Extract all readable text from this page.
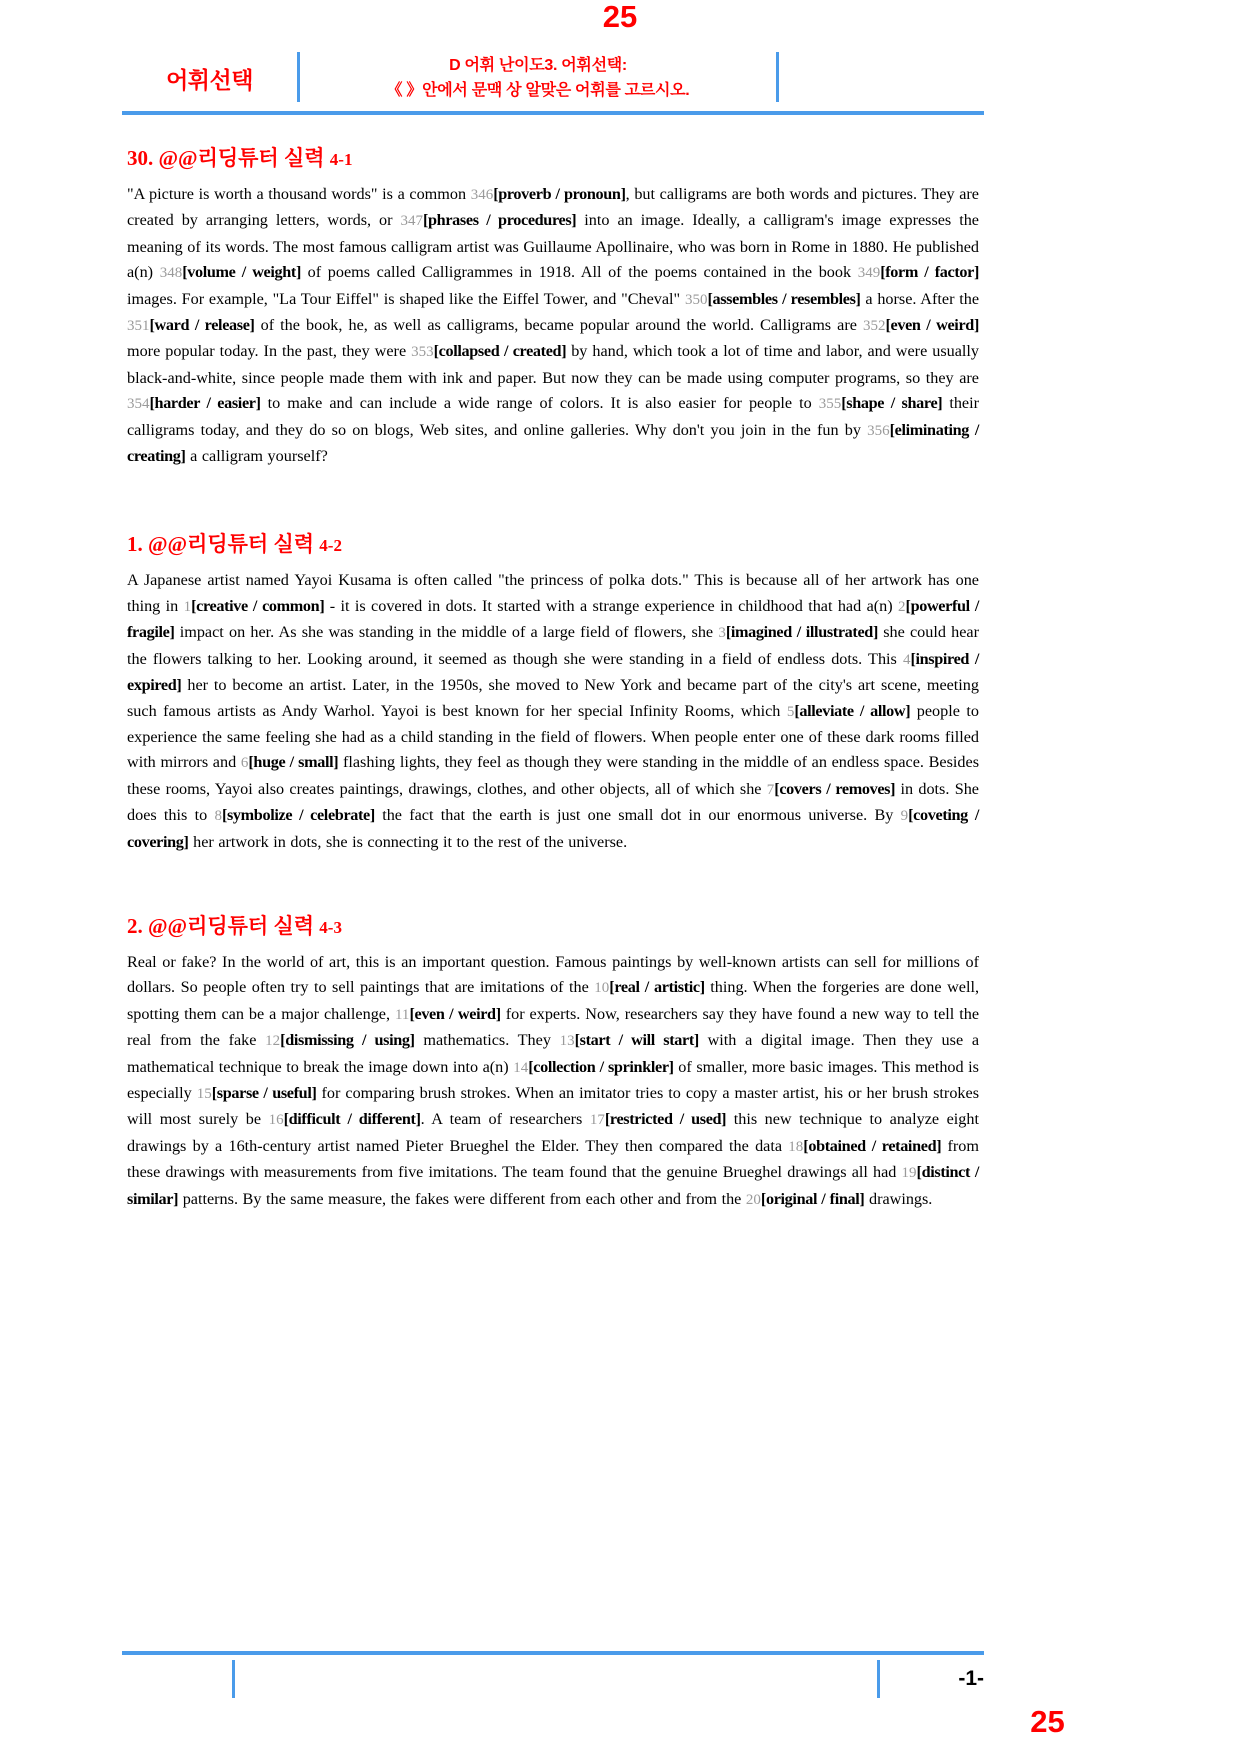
25
어휘선택
D 어휘 난이도3. 어휘선택:
《 》안에서 문맥 상 알맞은 어휘를 고르시오.
30. @@리딩튜터 실력 4-1

"A picture is worth a thousand words" is a common 346[proverb / pronoun], but calligrams are both words and pictures. They are created by arranging letters, words, or 347[phrases / procedures] into an image. Ideally, a calligram's image expresses the meaning of its words. The most famous calligram artist was Guillaume Apollinaire, who was born in Rome in 1880. He published a(n) 348[volume / weight] of poems called Calligrammes in 1918. All of the poems contained in the book 349[form / factor] images. For example, "La Tour Eiffel" is shaped like the Eiffel Tower, and "Cheval" 350[assembles / resembles] a horse. After the 351[ward / release] of the book, he, as well as calligrams, became popular around the world. Calligrams are 352[even / weird] more popular today. In the past, they were 353[collapsed / created] by hand, which took a lot of time and labor, and were usually black-and-white, since people made them with ink and paper. But now they can be made using computer programs, so they are 354[harder / easier] to make and can include a wide range of colors. It is also easier for people to 355[shape / share] their calligrams today, and they do so on blogs, Web sites, and online galleries. Why don't you join in the fun by 356[eliminating / creating] a calligram yourself?

1. @@리딩튜터 실력 4-2

A Japanese artist named Yayoi Kusama is often called "the princess of polka dots." This is because all of her artwork has one thing in 1[creative / common] - it is covered in dots. It started with a strange experience in childhood that had a(n) 2[powerful / fragile] impact on her. As she was standing in the middle of a large field of flowers, she 3[imagined / illustrated] she could hear the flowers talking to her. Looking around, it seemed as though she were standing in a field of endless dots. This 4[inspired / expired] her to become an artist. Later, in the 1950s, she moved to New York and became part of the city's art scene, meeting such famous artists as Andy Warhol. Yayoi is best known for her special Infinity Rooms, which 5[alleviate / allow] people to experience the same feeling she had as a child standing in the field of flowers. When people enter one of these dark rooms filled with mirrors and 6[huge / small] flashing lights, they feel as though they were standing in the middle of an endless space. Besides these rooms, Yayoi also creates paintings, drawings, clothes, and other objects, all of which she 7[covers / removes] in dots. She does this to 8[symbolize / celebrate] the fact that the earth is just one small dot in our enormous universe. By 9[coveting / covering] her artwork in dots, she is connecting it to the rest of the universe.

2. @@리딩튜터 실력 4-3

Real or fake? In the world of art, this is an important question. Famous paintings by well-known artists can sell for millions of dollars. So people often try to sell paintings that are imitations of the 10[real / artistic] thing. When the forgeries are done well, spotting them can be a major challenge, 11[even / weird] for experts. Now, researchers say they have found a new way to tell the real from the fake 12[dismissing / using] mathematics. They 13[start / will start] with a digital image. Then they use a mathematical technique to break the image down into a(n) 14[collection / sprinkler] of smaller, more basic images. This method is especially 15[sparse / useful] for comparing brush strokes. When an imitator tries to copy a master artist, his or her brush strokes will most surely be 16[difficult / different]. A team of researchers 17[restricted / used] this new technique to analyze eight drawings by a 16th-century artist named Pieter Brueghel the Elder. They then compared the data 18[obtained / retained] from these drawings with measurements from five imitations. The team found that the genuine Brueghel drawings all had 19[distinct / similar] patterns. By the same measure, the fakes were different from each other and from the 20[original / final] drawings.

-1-
25
